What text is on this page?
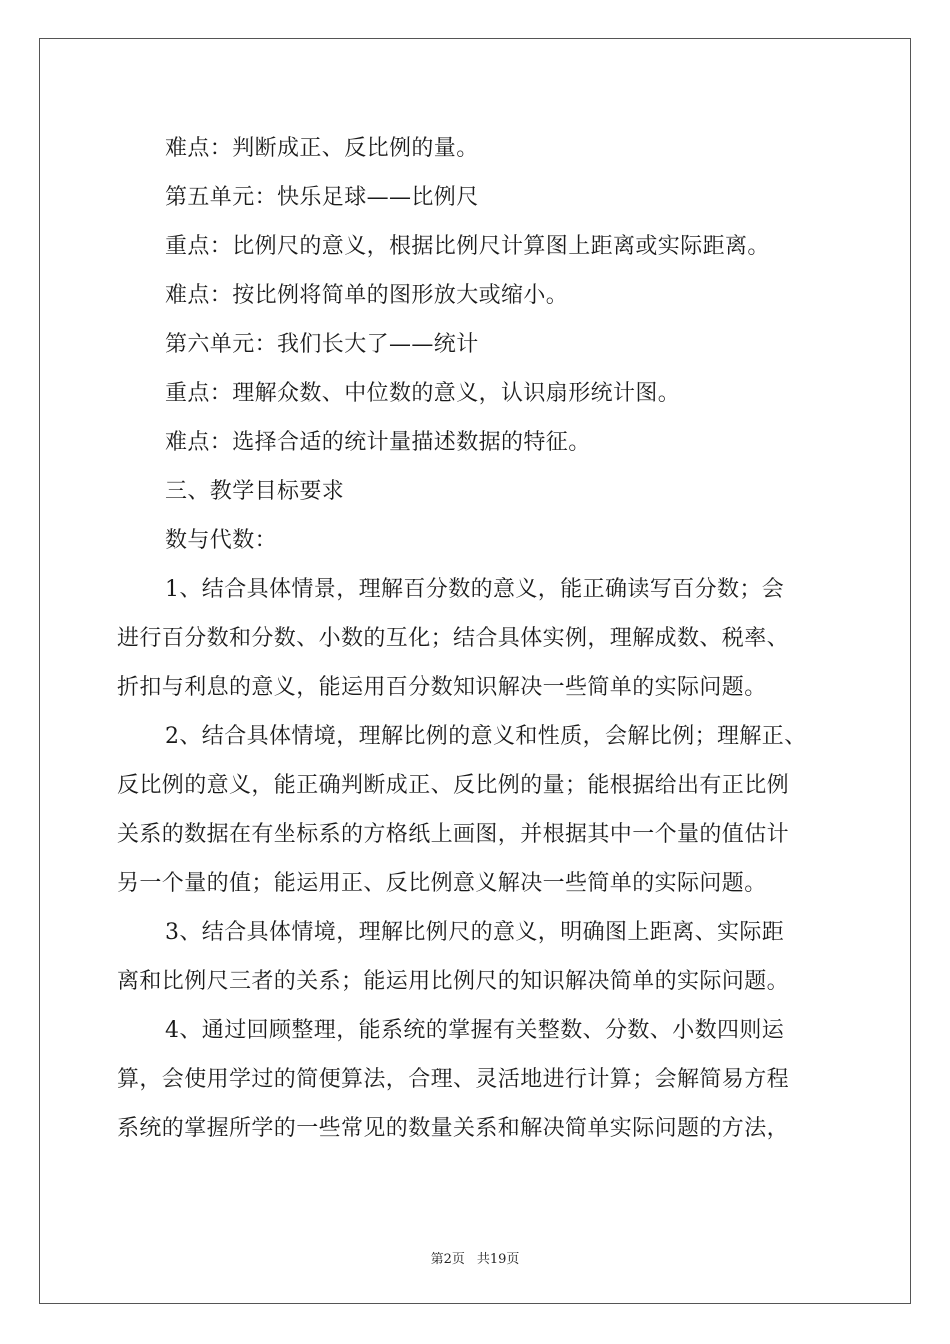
难点：判断成正、反比例的量。
第五单元：快乐足球——比例尺
重点：比例尺的意义，根据比例尺计算图上距离或实际距离。
难点：按比例将简单的图形放大或缩小。
第六单元：我们长大了——统计
重点：理解众数、中位数的意义，认识扇形统计图。
难点：选择合适的统计量描述数据的特征。
三、教学目标要求
数与代数：
1、结合具体情景，理解百分数的意义，能正确读写百分数；会
进行百分数和分数、小数的互化；结合具体实例，理解成数、税率、
折扣与利息的意义，能运用百分数知识解决一些简单的实际问题。
2、结合具体情境，理解比例的意义和性质，会解比例；理解正、
反比例的意义，能正确判断成正、反比例的量；能根据给出有正比例
关系的数据在有坐标系的方格纸上画图，并根据其中一个量的值估计
另一个量的值；能运用正、反比例意义解决一些简单的实际问题。
3、结合具体情境，理解比例尺的意义，明确图上距离、实际距
离和比例尺三者的关系；能运用比例尺的知识解决简单的实际问题。
4、通过回顾整理，能系统的掌握有关整数、分数、小数四则运
算，会使用学过的简便算法，合理、灵活地进行计算；会解简易方程
系统的掌握所学的一些常见的数量关系和解决简单实际问题的方法，
第2页 共19页
